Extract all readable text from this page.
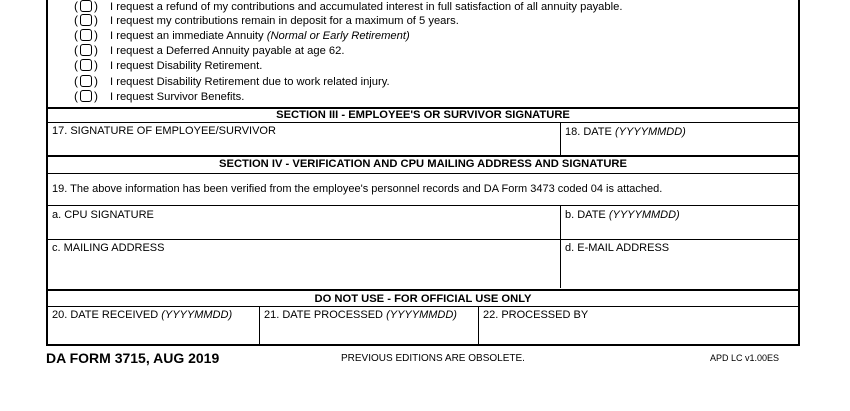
( ) I request a refund of my contributions and accumulated interest in full satisfaction of all annuity payable.
( ) I request my contributions remain in deposit for a maximum of 5 years.
( ) I request an immediate Annuity (Normal or Early Retirement)
( ) I request a Deferred Annuity payable at age 62.
( ) I request Disability Retirement.
( ) I request Disability Retirement due to work related injury.
( ) I request Survivor Benefits.
SECTION III - EMPLOYEE'S OR SURVIVOR SIGNATURE
17. SIGNATURE OF EMPLOYEE/SURVIVOR	18. DATE (YYYYMMDD)
SECTION IV - VERIFICATION AND CPU MAILING ADDRESS AND SIGNATURE
19. The above information has been verified from the employee's personnel records and DA Form 3473 coded 04 is attached.
a. CPU SIGNATURE	b. DATE (YYYYMMDD)
c. MAILING ADDRESS	d. E-MAIL ADDRESS
DO NOT USE - FOR OFFICIAL USE ONLY
20. DATE RECEIVED (YYYYMMDD)	21. DATE PROCESSED (YYYYMMDD) 22. PROCESSED BY
DA FORM 3715, AUG 2019	PREVIOUS EDITIONS ARE OBSOLETE.	APD LC v1.00ES
